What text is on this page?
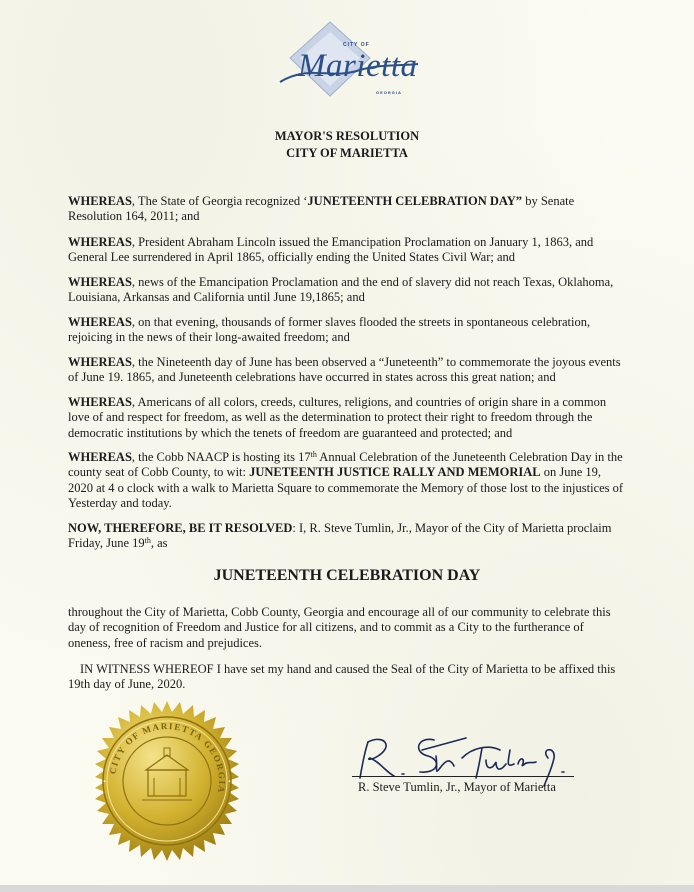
CITY OF
Marietta
GEORGIA
MAYOR'S RESOLUTION
CITY OF MARIETTA
WHEREAS, The State of Georgia recognized ‘JUNETEENTH CELEBRATION DAY” by Senate Resolution 164, 2011; and
WHEREAS, President Abraham Lincoln issued the Emancipation Proclamation on January 1, 1863, and General Lee surrendered in April 1865, officially ending the United States Civil War; and
WHEREAS, news of the Emancipation Proclamation and the end of slavery did not reach Texas, Oklahoma, Louisiana, Arkansas and California until June 19,1865; and
WHEREAS, on that evening, thousands of former slaves flooded the streets in spontaneous celebration, rejoicing in the news of their long-awaited freedom; and
WHEREAS, the Nineteenth day of June has been observed a “Juneteenth” to commemorate the joyous events of June 19. 1865, and Juneteenth celebrations have occurred in states across this great nation; and
WHEREAS, Americans of all colors, creeds, cultures, religions, and countries of origin share in a common love of and respect for freedom, as well as the determination to protect their right to freedom through the democratic institutions by which the tenets of freedom are guaranteed and protected; and
WHEREAS, the Cobb NAACP is hosting its 17th Annual Celebration of the Juneteenth Celebration Day in the county seat of Cobb County, to wit: JUNETEENTH JUSTICE RALLY AND MEMORIAL on June 19, 2020 at 4 o clock with a walk to Marietta Square to commemorate the Memory of those lost to the injustices of Yesterday and today.
NOW, THEREFORE, BE IT RESOLVED: I, R. Steve Tumlin, Jr., Mayor of the City of Marietta proclaim Friday, June 19th, as
JUNETEENTH CELEBRATION DAY
throughout the City of Marietta, Cobb County, Georgia and encourage all of our community to celebrate this day of recognition of Freedom and Justice for all citizens, and to commit as a City to the furtherance of oneness, free of racism and prejudices.
IN WITNESS WHEREOF I have set my hand and caused the Seal of the City of Marietta to be affixed this 19th day of June, 2020.
CITY OF MARIETTA GEORGIA	R. Steve Tumlin, Jr., Mayor of Marietta
